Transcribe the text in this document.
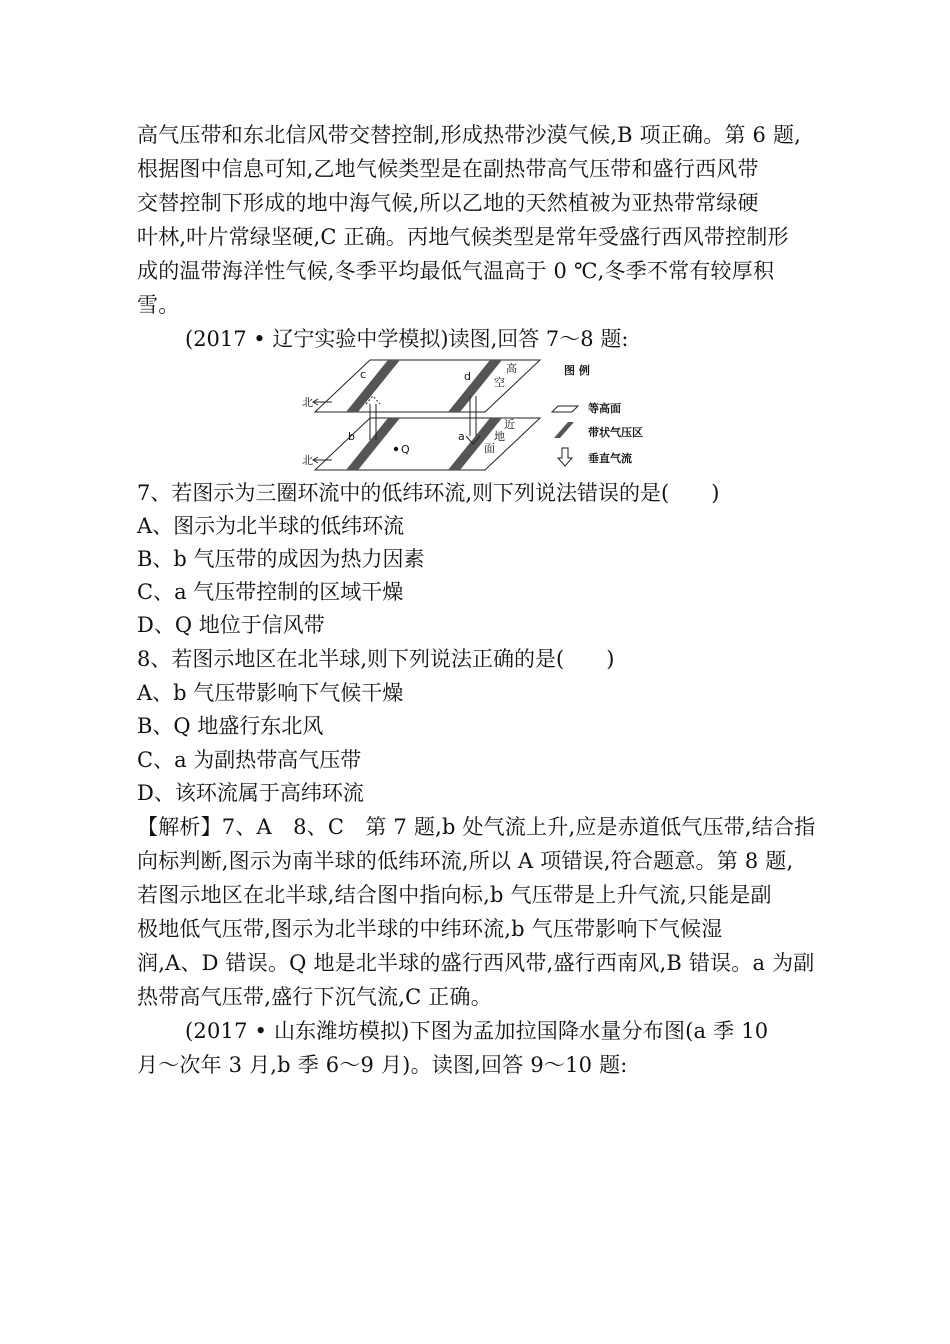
高气压带和东北信风带交替控制,形成热带沙漠气候,B 项正确。第 6 题,
根据图中信息可知,乙地气候类型是在副热带高气压带和盛行西风带
交替控制下形成的地中海气候,所以乙地的天然植被为亚热带常绿硬
叶林,叶片常绿坚硬,C 正确。丙地气候类型是常年受盛行西风带控制形
成的温带海洋性气候,冬季平均最低气温高于 0 ℃,冬季不常有较厚积
雪。

(2017 • 辽宁实验中学模拟)读图,回答 7～8 题:

北
北
c	d
b	a
Q
高
空
近
地
面
图 例
等高面
带状气压区
垂直气流

7、若图示为三圈环流中的低纬环流,则下列说法错误的是(　　)

A、图示为北半球的低纬环流

B、b 气压带的成因为热力因素

C、a 气压带控制的区域干燥

D、Q 地位于信风带

8、若图示地区在北半球,则下列说法正确的是(　　)

A、b 气压带影响下气候干燥

B、Q 地盛行东北风

C、a 为副热带高气压带

D、该环流属于高纬环流

【解析】7、A　8、C　第 7 题,b 处气流上升,应是赤道低气压带,结合指
向标判断,图示为南半球的低纬环流,所以 A 项错误,符合题意。第 8 题,
若图示地区在北半球,结合图中指向标,b 气压带是上升气流,只能是副
极地低气压带,图示为北半球的中纬环流,b 气压带影响下气候湿
润,A、D 错误。Q 地是北半球的盛行西风带,盛行西南风,B 错误。a 为副
热带高气压带,盛行下沉气流,C 正确。
(2017 • 山东潍坊模拟)下图为孟加拉国降水量分布图(a 季 10
月～次年 3 月,b 季 6～9 月)。读图,回答 9～10 题:
